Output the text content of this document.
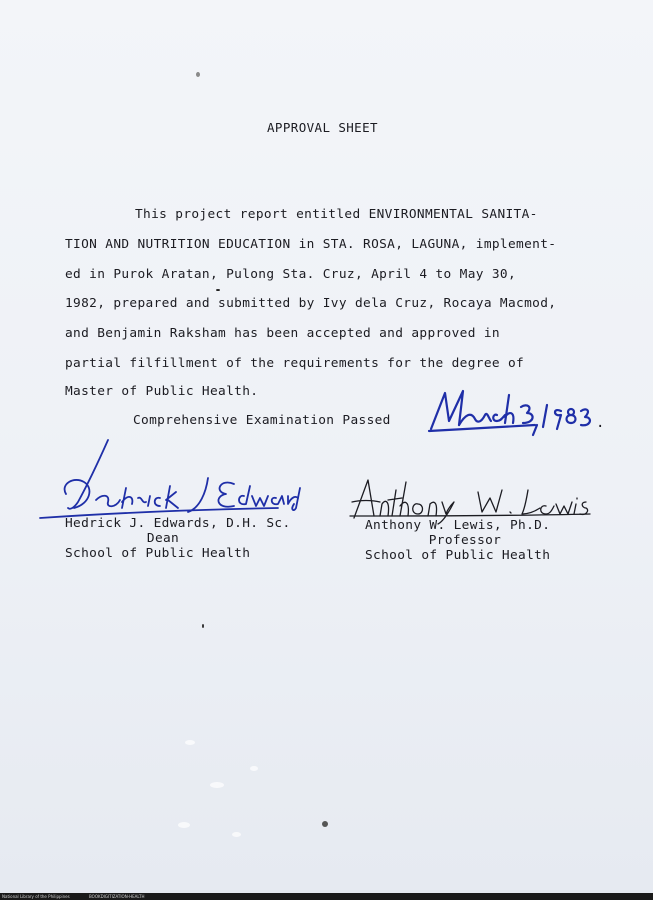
APPROVAL SHEET
This project report entitled ENVIRONMENTAL SANITA-
TION AND NUTRITION EDUCATION in STA. ROSA, LAGUNA, implement-
ed in Purok Aratan, Pulong Sta. Cruz, April 4 to May 30,
1982, prepared and submitted by Ivy dela Cruz, Rocaya Macmod,
and Benjamin Raksham has been accepted and approved in
partial filfillment of the requirements for the degree of
Master of Public Health.
Comprehensive Examination Passed	.
Hedrick J. Edwards, D.H. Sc.
Dean
School of Public Health
Anthony W. Lewis, Ph.D.
Professor
School of Public Health
National Library of the Philippines	BOOKDIGITIZATION-HEALTH
